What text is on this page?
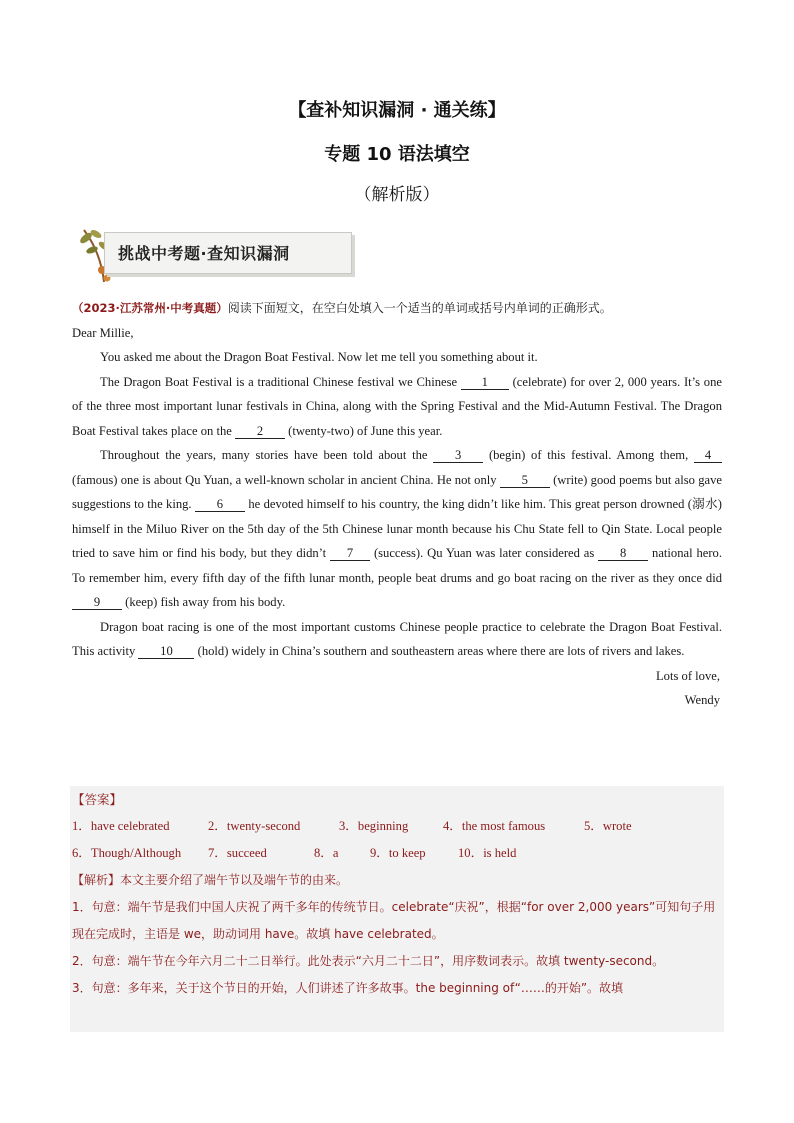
【查补知识漏洞 · 通关练】
专题 10 语法填空
（解析版）
挑战中考题·查知识漏洞

（2023·江苏常州·中考真题）阅读下面短文，在空白处填入一个适当的单词或括号内单词的正确形式。

Dear Millie,

You asked me about the Dragon Boat Festival. Now let me tell you something about it.

The Dragon Boat Festival is a traditional Chinese festival we Chinese 1 (celebrate) for over 2, 000 years. It’s one of the three most important lunar festivals in China, along with the Spring Festival and the Mid-Autumn Festival. The Dragon Boat Festival takes place on the 2 (twenty-two) of June this year.

Throughout the years, many stories have been told about the 3 (begin) of this festival. Among them, 4 (famous) one is about Qu Yuan, a well-known scholar in ancient China. He not only 5 (write) good poems but also gave suggestions to the king. 6 he devoted himself to his country, the king didn’t like him. This great person drowned (溺水) himself in the Miluo River on the 5th day of the 5th Chinese lunar month because his Chu State fell to Qin State. Local people tried to save him or find his body, but they didn’t 7 (success). Qu Yuan was later considered as 8 national hero. To remember him, every fifth day of the fifth lunar month, people beat drums and go boat racing on the river as they once did 9 (keep) fish away from his body.

Dragon boat racing is one of the most important customs Chinese people practice to celebrate the Dragon Boat Festival. This activity 10 (hold) widely in China’s southern and southeastern areas where there are lots of rivers and lakes.

Lots of love,

Wendy

【答案】
1．have celebrated	2．twenty-second	3．beginning	4．the most famous	5．wrote
6．Though/Although 7．succeed	8．a	9．to keep	10．is held
【解析】本文主要介绍了端午节以及端午节的由来。
1．句意：端午节是我们中国人庆祝了两千多年的传统节日。celebrate“庆祝”，根据“for over 2,000 years”可知句子用现在完成时，主语是 we，助动词用 have。故填 have celebrated。
2．句意：端午节在今年六月二十二日举行。此处表示“六月二十二日”，用序数词表示。故填 twenty-second。
3．句意：多年来，关于这个节日的开始，人们讲述了许多故事。the beginning of“……的开始”。故填
